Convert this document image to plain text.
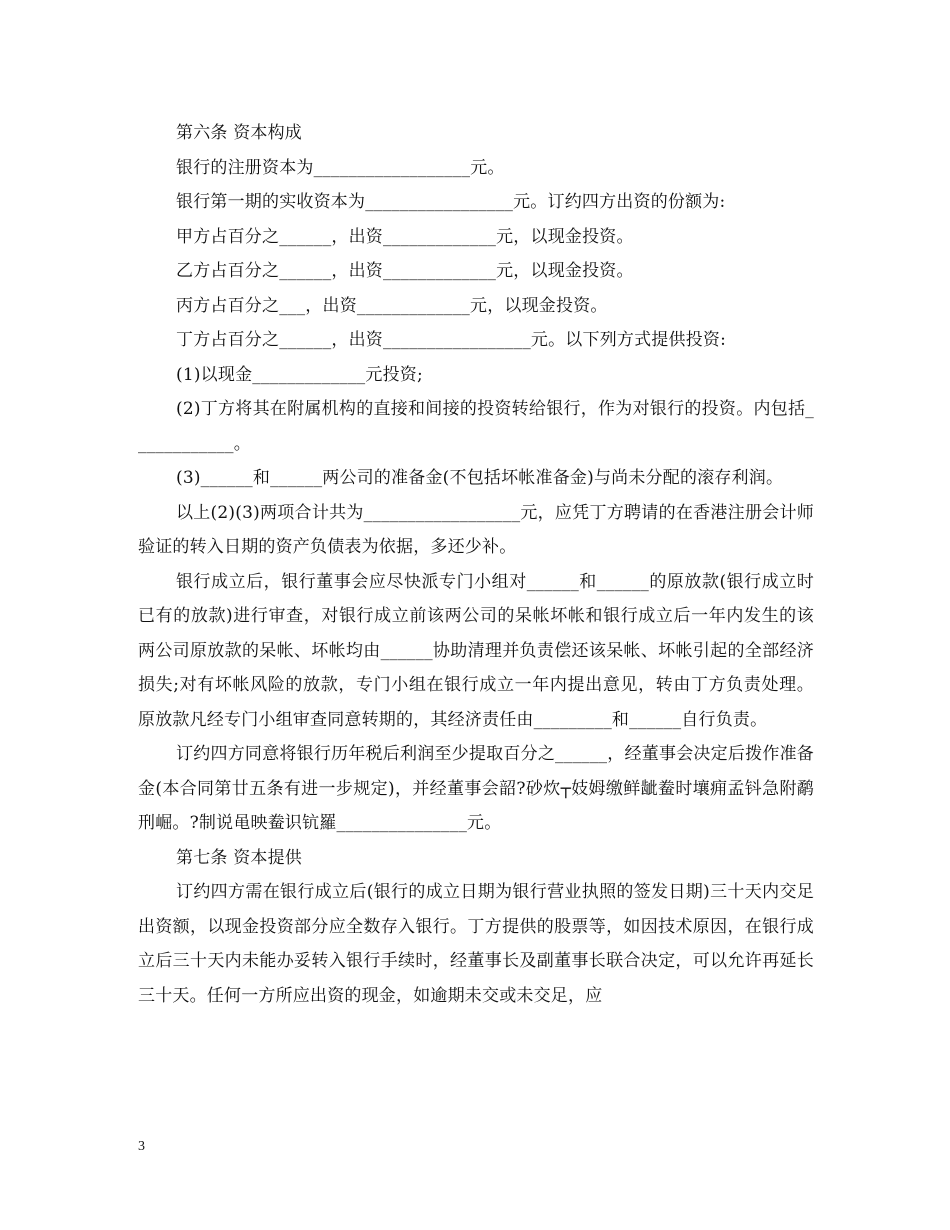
第六条 资本构成

银行的注册资本为__________________元。

银行第一期的实收资本为_________________元。订约四方出资的份额为:

甲方占百分之______，出资_____________元，以现金投资。

乙方占百分之______，出资_____________元，以现金投资。

丙方占百分之___，出资_____________元，以现金投资。

丁方占百分之______，出资_________________元。以下列方式提供投资:

(1)以现金_____________元投资;

(2)丁方将其在附属机构的直接和间接的投资转给银行，作为对银行的投资。内包括____________。

(3)______和______两公司的准备金(不包括坏帐准备金)与尚未分配的滚存利润。

以上(2)(3)两项合计共为__________________元，应凭丁方聘请的在香港注册会计师验证的转入日期的资产负债表为依据，多还少补。

银行成立后，银行董事会应尽快派专门小组对______和______的原放款(银行成立时已有的放款)进行审查，对银行成立前该两公司的呆帐坏帐和银行成立后一年内发生的该两公司原放款的呆帐、坏帐均由______协助清理并负责偿还该呆帐、坏帐引起的全部经济损失;对有坏帐风险的放款，专门小组在银行成立一年内提出意见，转由丁方负责处理。原放款凡经专门小组审查同意转期的，其经济责任由_________和______自行负责。

订约四方同意将银行历年税后利润至少提取百分之______，经董事会决定后拨作准备金(本合同第廿五条有进一步规定)，并经董事会韶?砂炊┬妓姆缴鲜龇鲞时壤痈孟钭急附鹬刑崛。?制说黾映鲞识钪羅_______________元。

第七条 资本提供

订约四方需在银行成立后(银行的成立日期为银行营业执照的签发日期)三十天内交足出资额，以现金投资部分应全数存入银行。丁方提供的股票等，如因技术原因，在银行成立后三十天内未能办妥转入银行手续时，经董事长及副董事长联合决定，可以允许再延长三十天。任何一方所应出资的现金，如逾期未交或未交足，应

3
